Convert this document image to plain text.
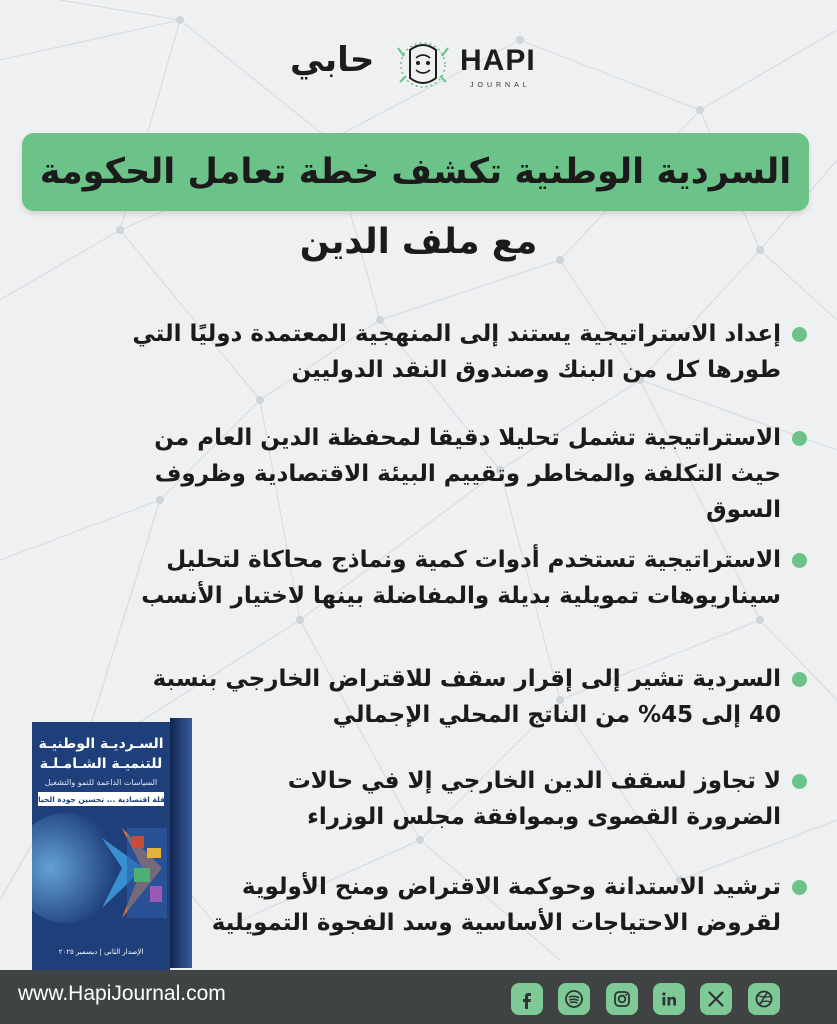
حابي	HAPI
JOURNAL
السردية الوطنية تكشف خطة تعامل الحكومة
مع ملف الدين
إعداد الاستراتيجية يستند إلى المنهجية المعتمدة دوليًا التي طورها كل من البنك وصندوق النقد الدوليين
الاستراتيجية تشمل تحليلا دقيقا لمحفظة الدين العام من حيث التكلفة والمخاطر وتقييم البيئة الاقتصادية وظروف السوق
الاستراتيجية تستخدم أدوات كمية ونماذج محاكاة لتحليل سيناريوهات تمويلية بديلة والمفاضلة بينها لاختيار الأنسب
السردية تشير إلى إقرار سقف للاقتراض الخارجي بنسبة 40 إلى 45% من الناتج المحلي الإجمالي
لا تجاوز لسقف الدين الخارجي إلا في حالات الضرورة القصوى وبموافقة مجلس الوزراء
ترشيد الاستدانة وحوكمة الاقتراض ومنح الأولوية لقروض الاحتياجات الأساسية وسد الفجوة التمويلية
السـرديـة الوطنيـة
للتنميـة الشـامـلـة
السياسات الداعمة للنمو والتشغيل
نقلة اقتصادية ... تحسين جودة الحياة
الإصدار الثاني | ديسمبر ٢٠٢٥
www.HapiJournal.com
